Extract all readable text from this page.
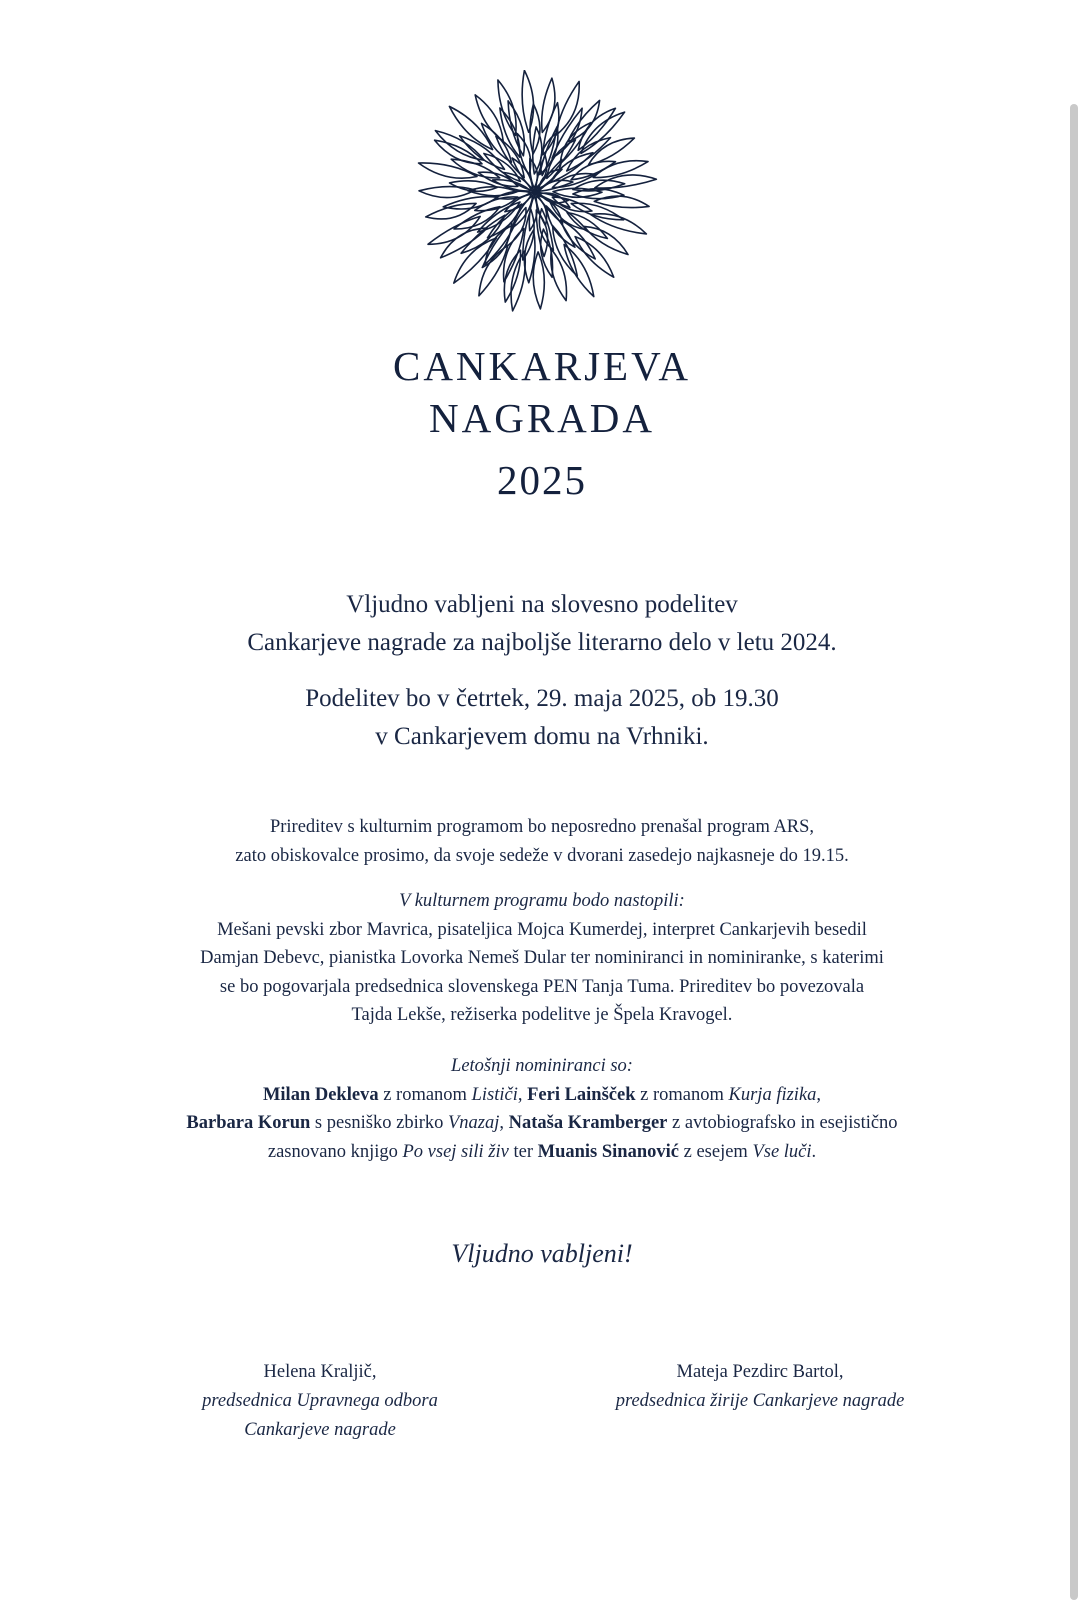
CANKARJEVA
NAGRADA
2025
Vljudno vabljeni na slovesno podelitev
Cankarjeve nagrade za najboljše literarno delo v letu 2024.
Podelitev bo v četrtek, 29. maja 2025, ob 19.30
v Cankarjevem domu na Vrhniki.
Prireditev s kulturnim programom bo neposredno prenašal program ARS,
zato obiskovalce prosimo, da svoje sedeže v dvorani zasedejo najkasneje do 19.15.
V kulturnem programu bodo nastopili:
Mešani pevski zbor Mavrica, pisateljica Mojca Kumerdej, interpret Cankarjevih besedil
Damjan Debevc, pianistka Lovorka Nemeš Dular ter nominiranci in nominiranke, s katerimi
se bo pogovarjala predsednica slovenskega PEN Tanja Tuma. Prireditev bo povezovala
Tajda Lekše, režiserka podelitve je Špela Kravogel.
Letošnji nominiranci so:
Milan Dekleva z romanom Lističi, Feri Lainšček z romanom Kurja fizika,
Barbara Korun s pesniško zbirko Vnazaj, Nataša Kramberger z avtobiografsko in esejistično
zasnovano knjigo Po vsej sili živ ter Muanis Sinanović z esejem Vse luči.
Vljudno vabljeni!
Helena Kraljič,
predsednica Upravnega odbora
Cankarjeve nagrade
Mateja Pezdirc Bartol,
predsednica žirije Cankarjeve nagrade
